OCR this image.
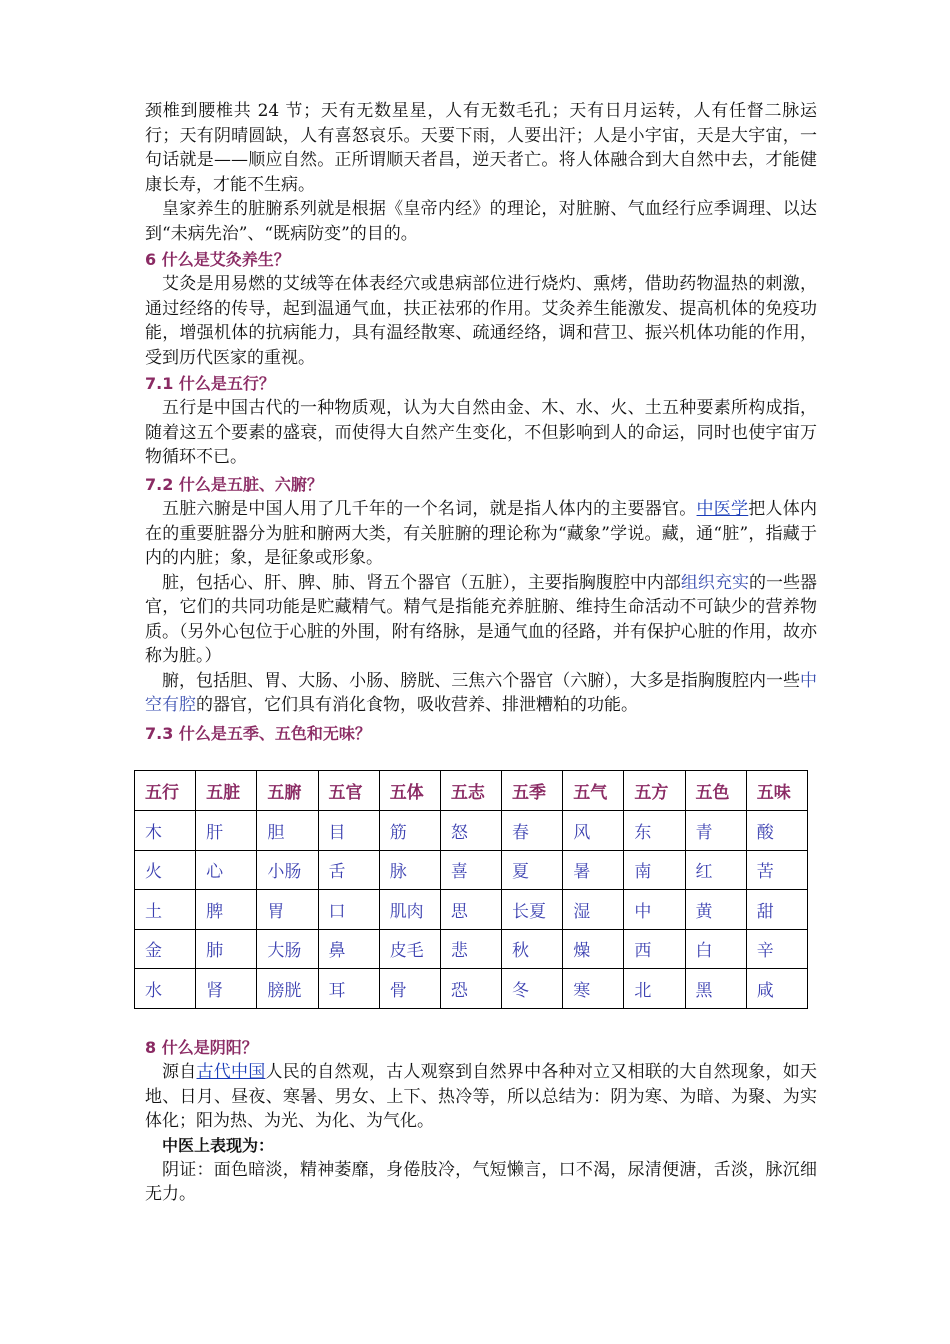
颈椎到腰椎共 24 节；天有无数星星，人有无数毛孔；天有日月运转，人有任督二脉运行；天有阴晴圆缺，人有喜怒哀乐。天要下雨，人要出汗；人是小宇宙，天是大宇宙，一句话就是——顺应自然。正所谓顺天者昌，逆天者亡。将人体融合到大自然中去，才能健康长寿，才能不生病。

皇家养生的脏腑系列就是根据《皇帝内经》的理论，对脏腑、气血经行应季调理、以达到“未病先治”、“既病防变”的目的。

6 什么是艾灸养生？

艾灸是用易燃的艾绒等在体表经穴或患病部位进行烧灼、熏烤，借助药物温热的刺激，通过经络的传导，起到温通气血，扶正祛邪的作用。艾灸养生能激发、提高机体的免疫功能，增强机体的抗病能力，具有温经散寒、疏通经络，调和营卫、振兴机体功能的作用，受到历代医家的重视。

7.1 什么是五行？

五行是中国古代的一种物质观，认为大自然由金、木、水、火、土五种要素所构成指，随着这五个要素的盛衰，而使得大自然产生变化，不但影响到人的命运，同时也使宇宙万物循环不已。

7.2 什么是五脏、六腑？

五脏六腑是中国人用了几千年的一个名词，就是指人体内的主要器官。中医学把人体内在的重要脏器分为脏和腑两大类，有关脏腑的理论称为“藏象”学说。藏，通“脏”，指藏于内的内脏；象，是征象或形象。

脏，包括心、肝、脾、肺、肾五个器官（五脏），主要指胸腹腔中内部组织充实的一些器官，它们的共同功能是贮藏精气。精气是指能充养脏腑、维持生命活动不可缺少的营养物质。（另外心包位于心脏的外围，附有络脉，是通气血的径路，并有保护心脏的作用，故亦称为脏。）

腑，包括胆、胃、大肠、小肠、膀胱、三焦六个器官（六腑），大多是指胸腹腔内一些中空有腔的器官，它们具有消化食物，吸收营养、排泄糟粕的功能。

7.3 什么是五季、五色和无味？

五行	五脏	五腑	五官	五体	五志	五季	五气	五方	五色	五味
木	肝	胆	目	筋	怒	春	风	东	青	酸
火	心	小肠	舌	脉	喜	夏	暑	南	红	苦
土	脾	胃	口	肌肉	思	长夏	湿	中	黄	甜
金	肺	大肠	鼻	皮毛	悲	秋	燥	西	白	辛
水	肾	膀胱	耳	骨	恐	冬	寒	北	黑	咸

8 什么是阴阳？

源自古代中国人民的自然观，古人观察到自然界中各种对立又相联的大自然现象，如天地、日月、昼夜、寒暑、男女、上下、热冷等，所以总结为：阴为寒、为暗、为聚、为实体化；阳为热、为光、为化、为气化。

中医上表现为：

阴证：面色暗淡，精神萎靡，身倦肢冷，气短懒言，口不渴，尿清便溏，舌淡，脉沉细无力。
